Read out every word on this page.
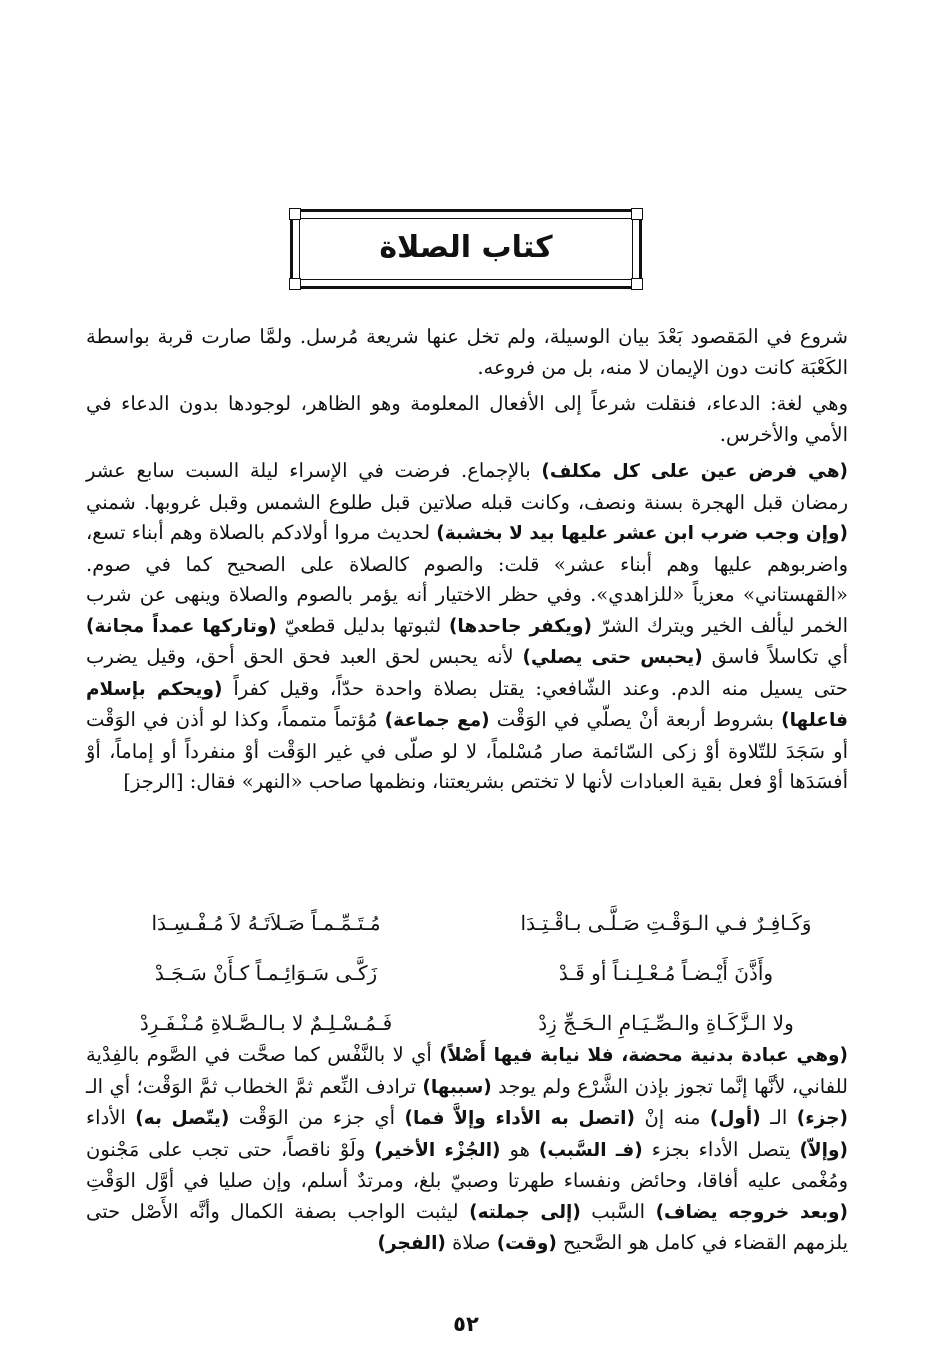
كتاب الصلاة

شروع في المَقصود بَعْدَ بيان الوسيلة، ولم تخل عنها شريعة مُرسل. ولمَّا صارت قربة بواسطة الكَعْبَة كانت دون الإيمان لا منه، بل من فروعه.

وهي لغة: الدعاء، فنقلت شرعاً إلى الأفعال المعلومة وهو الظاهر، لوجودها بدون الدعاء في الأمي والأخرس.

(هي فرض عين على كل مكلف) بالإجماع. فرضت في الإسراء ليلة السبت سابع عشر رمضان قبل الهجرة بسنة ونصف، وكانت قبله صلاتين قبل طلوع الشمس وقبل غروبها. شمني (وإن وجب ضرب ابن عشر عليها بيد لا بخشبة) لحديث مروا أولادكم بالصلاة وهم أبناء تسع، واضربوهم عليها وهم أبناء عشر» قلت: والصوم كالصلاة على الصحيح كما في صوم. «القهستاني» معزياً «للزاهدي». وفي حظر الاختيار أنه يؤمر بالصوم والصلاة وينهى عن شرب الخمر ليألف الخير ويترك الشرّ (ويكفر جاحدها) لثبوتها بدليل قطعيّ (وتاركها عمداً مجانة) أي تكاسلاً فاسق (يحبس حتى يصلي) لأنه يحبس لحق العبد فحق الحق أحق، وقيل يضرب حتى يسيل منه الدم. وعند الشّافعي: يقتل بصلاة واحدة حدّاً، وقيل كفراً (ويحكم بإسلام فاعلها) بشروط أربعة أنْ يصلّي في الوَقْت (مع جماعة) مُؤتماً متمماً، وكذا لو أذن في الوَقْت أو سَجَدَ للتّلاوة أوْ زكى السّائمة صار مُسْلماً، لا لو صلّى في غير الوَقْت أوْ منفرداً أو إماماً، أوْ أفسَدَها أوْ فعل بقية العبادات لأنها لا تختص بشريعتنا، ونظمها صاحب «النهر» فقال: [الرجز]

وَكَـافِـرٌ فـي الـوَقْـتِ صَـلَّـى بـاقْـتِـدَا
مُـتَـمِّـمـاً صَـلاَتَـهُ لاَ مُـفْـسِـدَا
وأَذَّنَ أَيْـضـاً مُـعْـلِـنـاً أو قَـدْ
زَكَّـى سَـوَائِـمـاً كـأَنْ سَـجَـدْ
ولا الـزَّكَـاةِ والـصِّـيَـامِ الـحَـجِّ زِدْ
فَـمُـسْـلِـمٌ لا بـالـصَّـلاةِ مُـنْـفَـرِدْ
(وهي عبادة بدنية محضة، فلا نيابة فيها أَصْلاً) أي لا بالنَّفْس كما صحَّت في الصَّوم بالفِدْية للفاني، لأنَّها إنَّما تجوز بإذن الشَّرْع ولم يوجد (سببها) ترادف النِّعم ثمَّ الخطاب ثمَّ الوَقْت؛ أي الـ (جزء) الـ (أول) منه إنْ (اتصل به الأداء وإلاَّ فما) أي جزء من الوَقْت (يتّصل به) الأداء (وإلاّ) يتصل الأداء بجزء (فـ السَّبب) هو (الجُزْء الأخير) ولَوْ ناقصاً، حتى تجب على مَجْنون ومُغْمى عليه أفاقا، وحائض ونفساء طهرتا وصبيّ بلغ، ومرتدٌ أسلم، وإن صليا في أوَّل الوَقْتِ (وبعد خروجه يضاف) السَّبب (إلى جملته) ليثبت الواجب بصفة الكمال وأنَّه الأَصْل حتى يلزمهم القضاء في كامل هو الصَّحيح (وقت) صلاة (الفجر)
٥٢
